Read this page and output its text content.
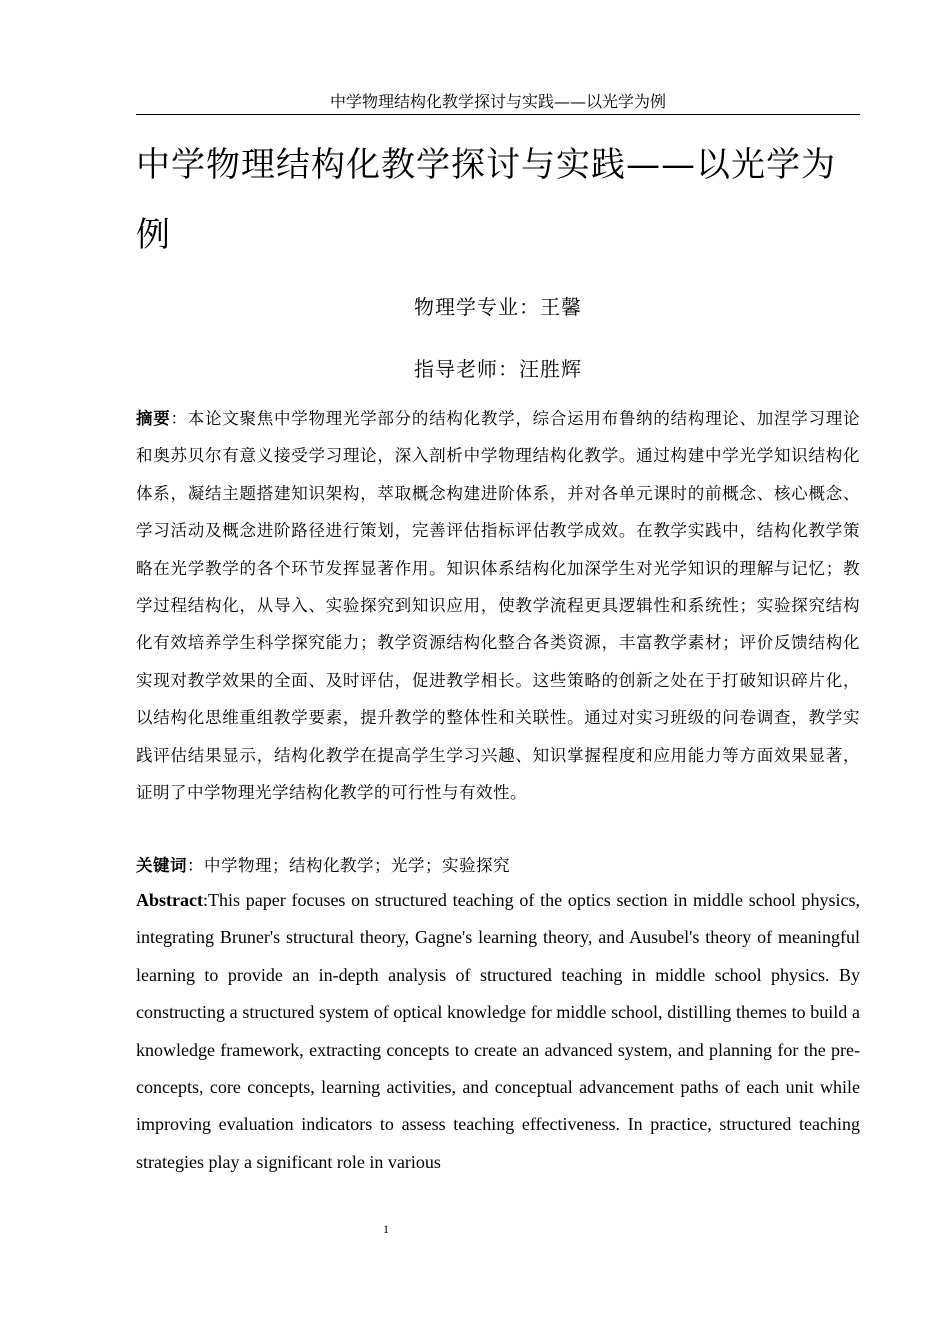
中学物理结构化教学探讨与实践——以光学为例
中学物理结构化教学探讨与实践——以光学为例
物理学专业：王馨
指导老师：汪胜辉

摘要：本论文聚焦中学物理光学部分的结构化教学，综合运用布鲁纳的结构理论、加涅学习理论和奥苏贝尔有意义接受学习理论，深入剖析中学物理结构化教学。通过构建中学光学知识结构化体系，凝结主题搭建知识架构，萃取概念构建进阶体系，并对各单元课时的前概念、核心概念、学习活动及概念进阶路径进行策划，完善评估指标评估教学成效。在教学实践中，结构化教学策略在光学教学的各个环节发挥显著作用。知识体系结构化加深学生对光学知识的理解与记忆；教学过程结构化，从导入、实验探究到知识应用，使教学流程更具逻辑性和系统性；实验探究结构化有效培养学生科学探究能力；教学资源结构化整合各类资源，丰富教学素材；评价反馈结构化实现对教学效果的全面、及时评估，促进教学相长。这些策略的创新之处在于打破知识碎片化，以结构化思维重组教学要素，提升教学的整体性和关联性。通过对实习班级的问卷调查，教学实践评估结果显示，结构化教学在提高学生学习兴趣、知识掌握程度和应用能力等方面效果显著，证明了中学物理光学结构化教学的可行性与有效性。

关键词：中学物理；结构化教学；光学；实验探究

Abstract:This paper focuses on structured teaching of the optics section in middle school physics, integrating Bruner's structural theory, Gagne's learning theory, and Ausubel's theory of meaningful learning to provide an in-depth analysis of structured teaching in middle school physics. By constructing a structured system of optical knowledge for middle school, distilling themes to build a knowledge framework, extracting concepts to create an advanced system, and planning for the pre-concepts, core concepts, learning activities, and conceptual advancement paths of each unit while improving evaluation indicators to assess teaching effectiveness. In practice, structured teaching strategies play a significant role in various

1
